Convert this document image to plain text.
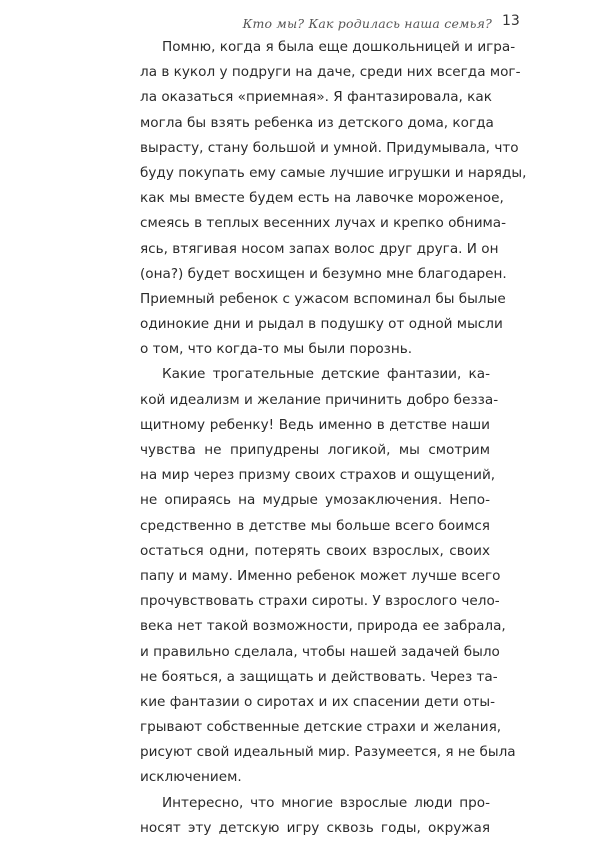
Кто мы? Как родилась наша семья? 13
Помню, когда я была еще дошкольницей и игра-
ла в кукол у подруги на даче, среди них всегда мог-
ла оказаться «приемная». Я фантазировала, как
могла бы взять ребенка из детского дома, когда
вырасту, стану большой и умной. Придумывала, что
буду покупать ему самые лучшие игрушки и наряды,
как мы вместе будем есть на лавочке мороженое,
смеясь в теплых весенних лучах и крепко обнима-
ясь, втягивая носом запах волос друг друга. И он
(она?) будет восхищен и безумно мне благодарен.
Приемный ребенок с ужасом вспоминал бы былые
одинокие дни и рыдал в подушку от одной мысли
о том, что когда-то мы были порознь.
Какие трогательные детские фантазии, ка-
кой идеализм и желание причинить добро безза-
щитному ребенку! Ведь именно в детстве наши
чувства не припудрены логикой, мы смотрим
на мир через призму своих страхов и ощущений,
не опираясь на мудрые умозаключения. Непо-
средственно в детстве мы больше всего боимся
остаться одни, потерять своих взрослых, своих
папу и маму. Именно ребенок может лучше всего
прочувствовать страхи сироты. У взрослого чело-
века нет такой возможности, природа ее забрала,
и правильно сделала, чтобы нашей задачей было
не бояться, а защищать и действовать. Через та-
кие фантазии о сиротах и их спасении дети оты-
грывают собственные детские страхи и желания,
рисуют свой идеальный мир. Разумеется, я не была
исключением.
Интересно, что многие взрослые люди про-
носят эту детскую игру сквозь годы, окружая
